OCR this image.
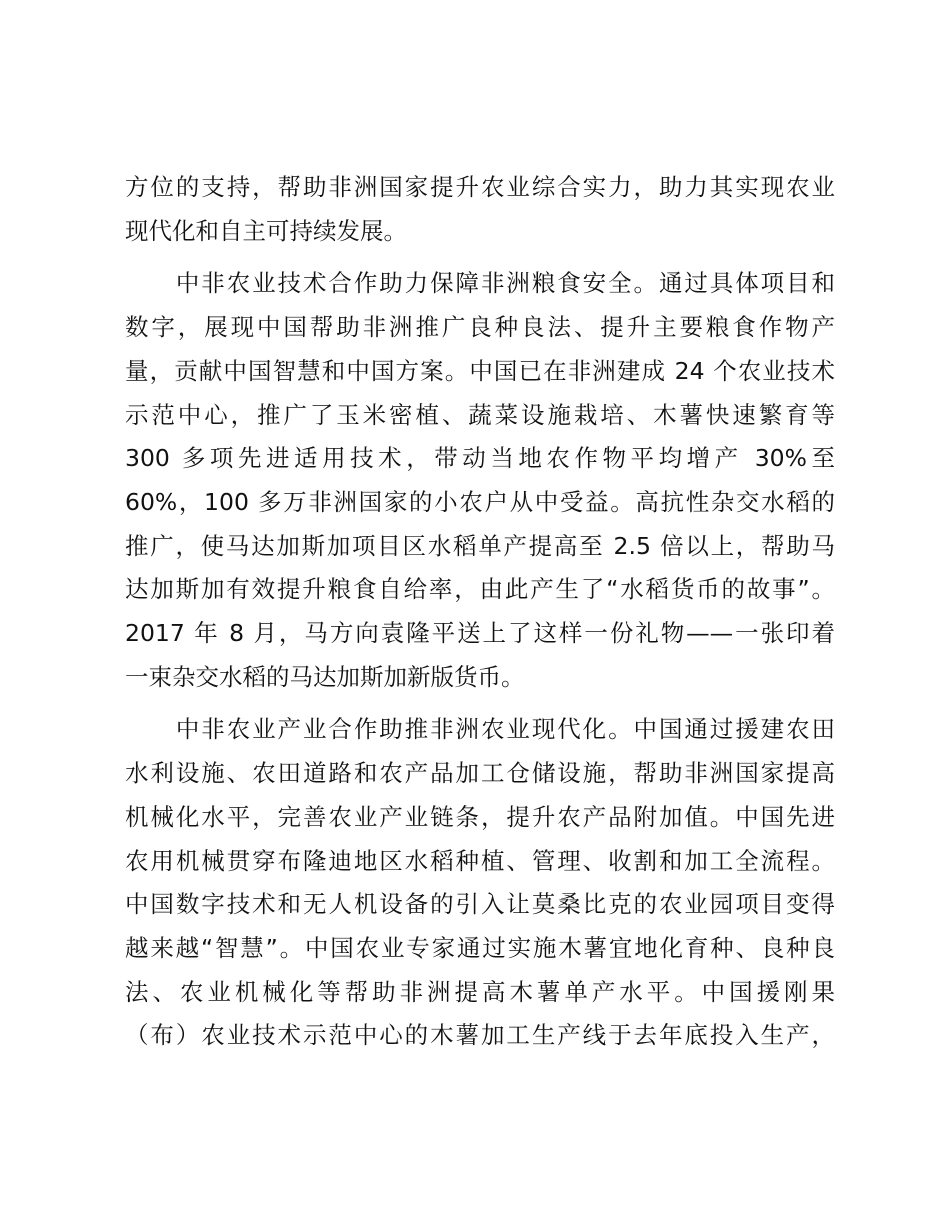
方位的支持，帮助非洲国家提升农业综合实力，助力其实现农业
现代化和自主可持续发展。

　　中非农业技术合作助力保障非洲粮食安全。通过具体项目和
数字，展现中国帮助非洲推广良种良法、提升主要粮食作物产
量，贡献中国智慧和中国方案。中国已在非洲建成 24 个农业技术
示范中心，推广了玉米密植、蔬菜设施栽培、木薯快速繁育等
300 多项先进适用技术，带动当地农作物平均增产 30%至
60%，100 多万非洲国家的小农户从中受益。高抗性杂交水稻的
推广，使马达加斯加项目区水稻单产提高至 2.5 倍以上，帮助马
达加斯加有效提升粮食自给率，由此产生了“水稻货币的故事”。
2017 年 8 月，马方向袁隆平送上了这样一份礼物——一张印着
一束杂交水稻的马达加斯加新版货币。

　　中非农业产业合作助推非洲农业现代化。中国通过援建农田
水利设施、农田道路和农产品加工仓储设施，帮助非洲国家提高
机械化水平，完善农业产业链条，提升农产品附加值。中国先进
农用机械贯穿布隆迪地区水稻种植、管理、收割和加工全流程。
中国数字技术和无人机设备的引入让莫桑比克的农业园项目变得
越来越“智慧”。中国农业专家通过实施木薯宜地化育种、良种良
法、农业机械化等帮助非洲提高木薯单产水平。中国援刚果
（布）农业技术示范中心的木薯加工生产线于去年底投入生产，
